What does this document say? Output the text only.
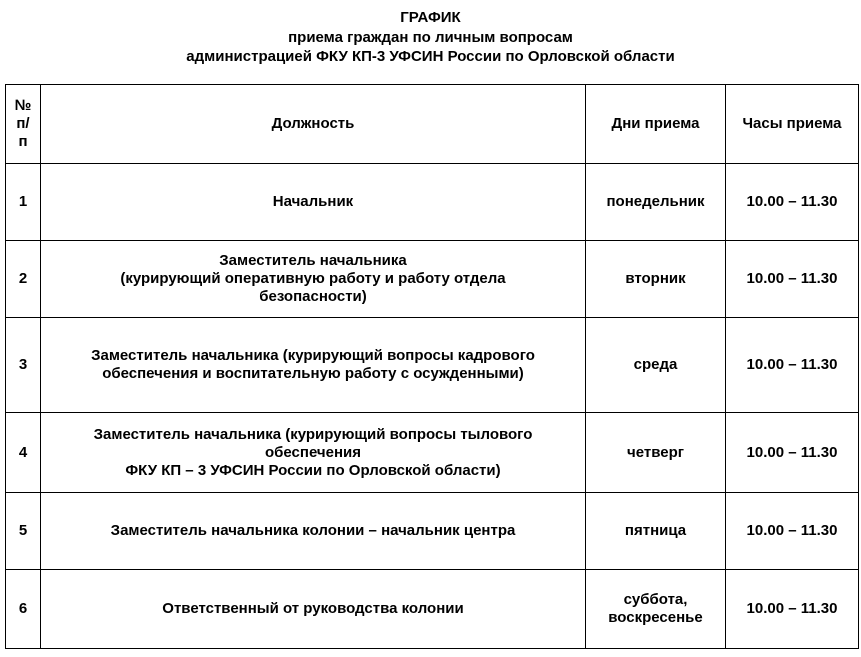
ГРАФИК
приема граждан по личным вопросам
администрацией ФКУ КП-3 УФСИН России по Орловской области
№
п/п	Должность	Дни приема	Часы приема
1	Начальник	понедельник	10.00 – 11.30
2	Заместитель начальника
(курирующий оперативную работу и работу отдела
безопасности)	вторник	10.00 – 11.30
3	Заместитель начальника (курирующий вопросы кадрового
обеспечения и воспитательную работу с осужденными)	среда	10.00 – 11.30
4	Заместитель начальника (курирующий вопросы тылового
обеспечения
ФКУ КП – 3 УФСИН России по Орловской области)	четверг	10.00 – 11.30
5	Заместитель начальника колонии – начальник центра	пятница	10.00 – 11.30
6	Ответственный от руководства колонии	суббота,
воскресенье	10.00 – 11.30
